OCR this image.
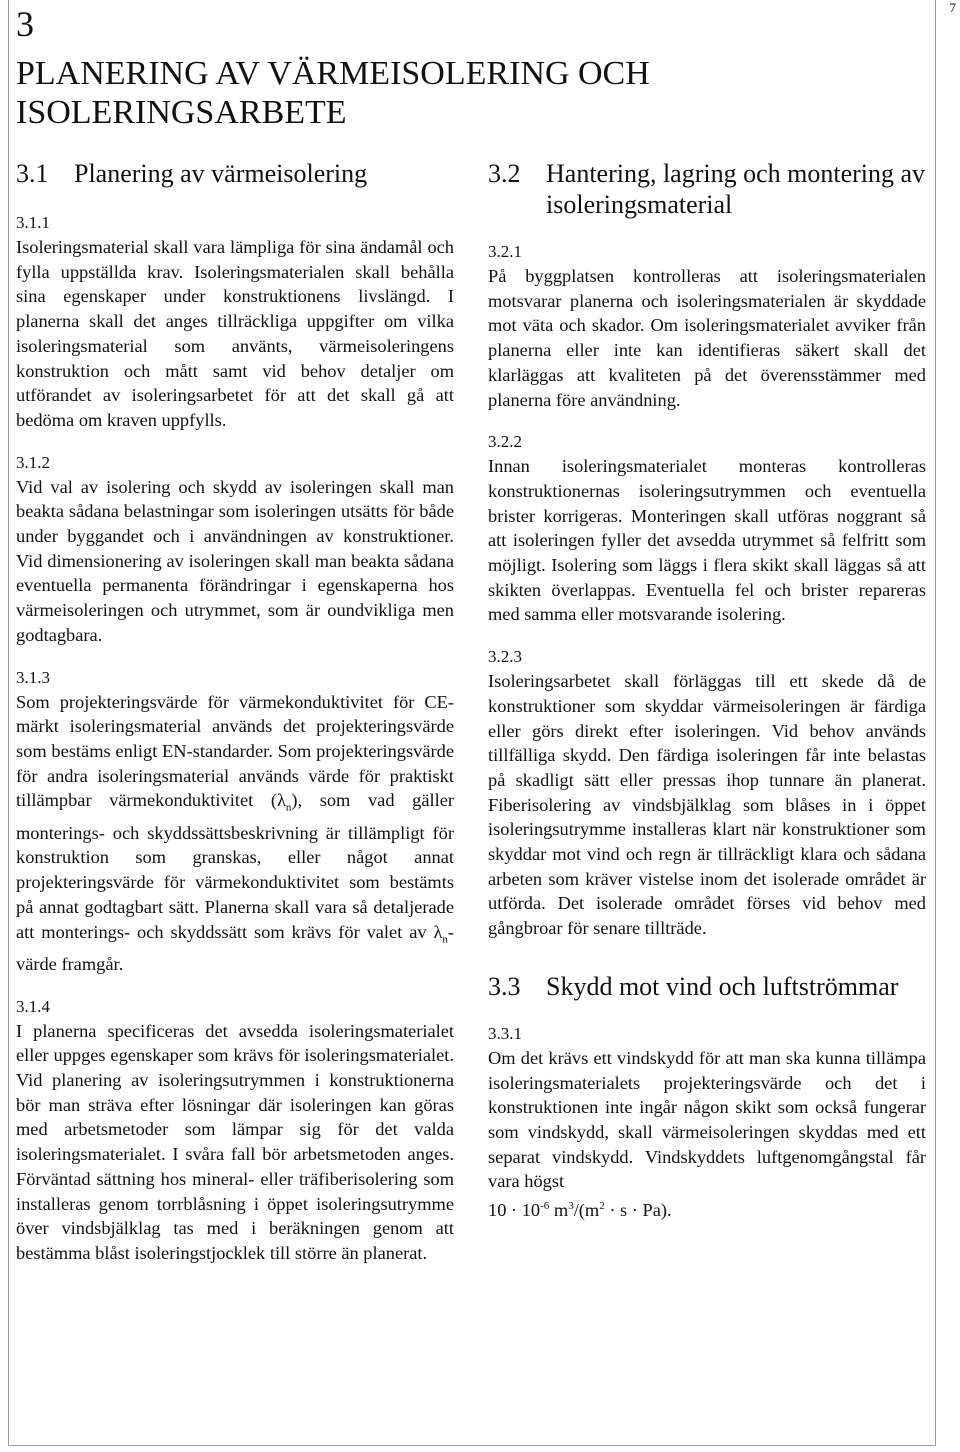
7
3
PLANERING AV VÄRMEISOLERING OCH ISOLERINGSARBETE
3.1 Planering av värmeisolering
3.1.1

Isoleringsmaterial skall vara lämpliga för sina ändamål och fylla uppställda krav. Isoleringsmaterialen skall behålla sina egenskaper under konstruktionens livslängd. I planerna skall det anges tillräckliga uppgifter om vilka isoleringsmaterial som använts, värmeisoleringens konstruktion och mått samt vid behov detaljer om utförandet av isoleringsarbetet för att det skall gå att bedöma om kraven uppfylls.

3.1.2

Vid val av isolering och skydd av isoleringen skall man beakta sådana belastningar som isoleringen utsätts för både under byggandet och i användningen av konstruktioner. Vid dimensionering av isoleringen skall man beakta sådana eventuella permanenta förändringar i egenskaperna hos värmeisoleringen och utrymmet, som är oundvikliga men godtagbara.

3.1.3

Som projekteringsvärde för värmekonduktivitet för CE-märkt isoleringsmaterial används det projekteringsvärde som bestäms enligt EN-standarder. Som projekteringsvärde för andra isoleringsmaterial används värde för praktiskt tillämpbar värmekonduktivitet $(\lambda_n)$, som vad gäller monterings- och skyddssättsbeskrivning är tillämpligt för konstruktion som granskas, eller något annat projekteringsvärde för värmekonduktivitet som bestämts på annat godtagbart sätt. Planerna skall vara så detaljerade att monterings- och skyddssätt som krävs för valet av $\lambda_n$-värde framgår.

3.1.4

I planerna specificeras det avsedda isoleringsmaterialet eller uppges egenskaper som krävs för isoleringsmaterialet. Vid planering av isoleringsutrymmen i konstruktionerna bör man sträva efter lösningar där isoleringen kan göras med arbetsmetoder som lämpar sig för det valda isoleringsmaterialet. I svåra fall bör arbetsmetoden anges. Förväntad sättning hos mineral- eller träfiberisolering som installeras genom torrblåsning i öppet isoleringsutrymme över vindsbjälklag tas med i beräkningen genom att bestämma blåst isoleringstjocklek till större än planerat.

3.2 Hantering, lagring och montering av isoleringsmaterial
3.2.1

På byggplatsen kontrolleras att isoleringsmaterialen motsvarar planerna och isoleringsmaterialen är skyddade mot väta och skador. Om isoleringsmaterialet avviker från planerna eller inte kan identifieras säkert skall det klarläggas att kvaliteten på det överensstämmer med planerna före användning.

3.2.2

Innan isoleringsmaterialet monteras kontrolleras konstruktionernas isoleringsutrymmen och eventuella brister korrigeras. Monteringen skall utföras noggrant så att isoleringen fyller det avsedda utrymmet så felfritt som möjligt. Isolering som läggs i flera skikt skall läggas så att skikten överlappas. Eventuella fel och brister repareras med samma eller motsvarande isolering.

3.2.3

Isoleringsarbetet skall förläggas till ett skede då de konstruktioner som skyddar värmeisoleringen är färdiga eller görs direkt efter isoleringen. Vid behov används tillfälliga skydd. Den färdiga isoleringen får inte belastas på skadligt sätt eller pressas ihop tunnare än planerat. Fiberisolering av vindsbjälklag som blåses in i öppet isoleringsutrymme installeras klart när konstruktioner som skyddar mot vind och regn är tillräckligt klara och sådana arbeten som kräver vistelse inom det isolerade området är utförda. Det isolerade området förses vid behov med gångbroar för senare tillträde.

3.3 Skydd mot vind och luftströmmar
3.3.1

Om det krävs ett vindskydd för att man ska kunna tillämpa isoleringsmaterialets projekteringsvärde och det i konstruktionen inte ingår någon skikt som också fungerar som vindskydd, skall värmeisoleringen skyddas med ett separat vindskydd. Vindskyddets luftgenomgångstal får vara högst

$10 \cdot 10^{-6}$ $m^3/(m^2 \cdot s \cdot Pa)$.
